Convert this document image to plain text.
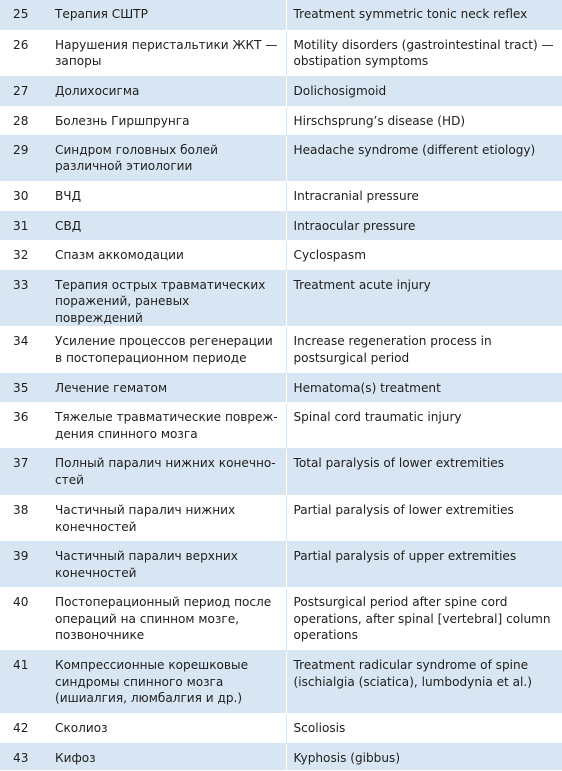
25	Терапия СШТР	Treatment symmetric tonic neck reflex
26	Нарушения перистальтики ЖКТ — запоры	Motility disorders (gastrointestinal tract) — obstipation symptoms
27	Долихосигма	Dolichosigmoid
28	Болезнь Гиршпрунга	Hirschsprung’s disease (HD)
29	Синдром головных болей различной этиологии	Headache syndrome (different etiology)
30	ВЧД	Intracranial pressure
31	СВД	Intraocular pressure
32	Спазм аккомодации	Cyclospasm
33	Терапия острых травматических поражений, раневых повреждений	Treatment acute injury
34	Усиление процессов регенерации в постоперационном периоде	Increase regeneration process in postsurgical period
35	Лечение гематом	Hematoma(s) treatment
36	Тяжелые травматические повреж-дения спинного мозга	Spinal cord traumatic injury
37	Полный паралич нижних конечно-стей	Total paralysis of lower extremities
38	Частичный паралич нижних конечностей	Partial paralysis of lower extremities
39	Частичный паралич верхних конечностей	Partial paralysis of upper extremities
40	Постоперационный период после операций на спинном мозге, позвоночнике	Postsurgical period after spine cord operations, after spinal [vertebral] column operations
41	Компрессионные корешковые синдромы спинного мозга (ишиалгия, люмбалгия и др.)	Treatment radicular syndrome of spine (ischialgia (sciatica), lumbodynia et al.)
42	Сколиоз	Scoliosis
43	Кифоз	Kyphosis (gibbus)
